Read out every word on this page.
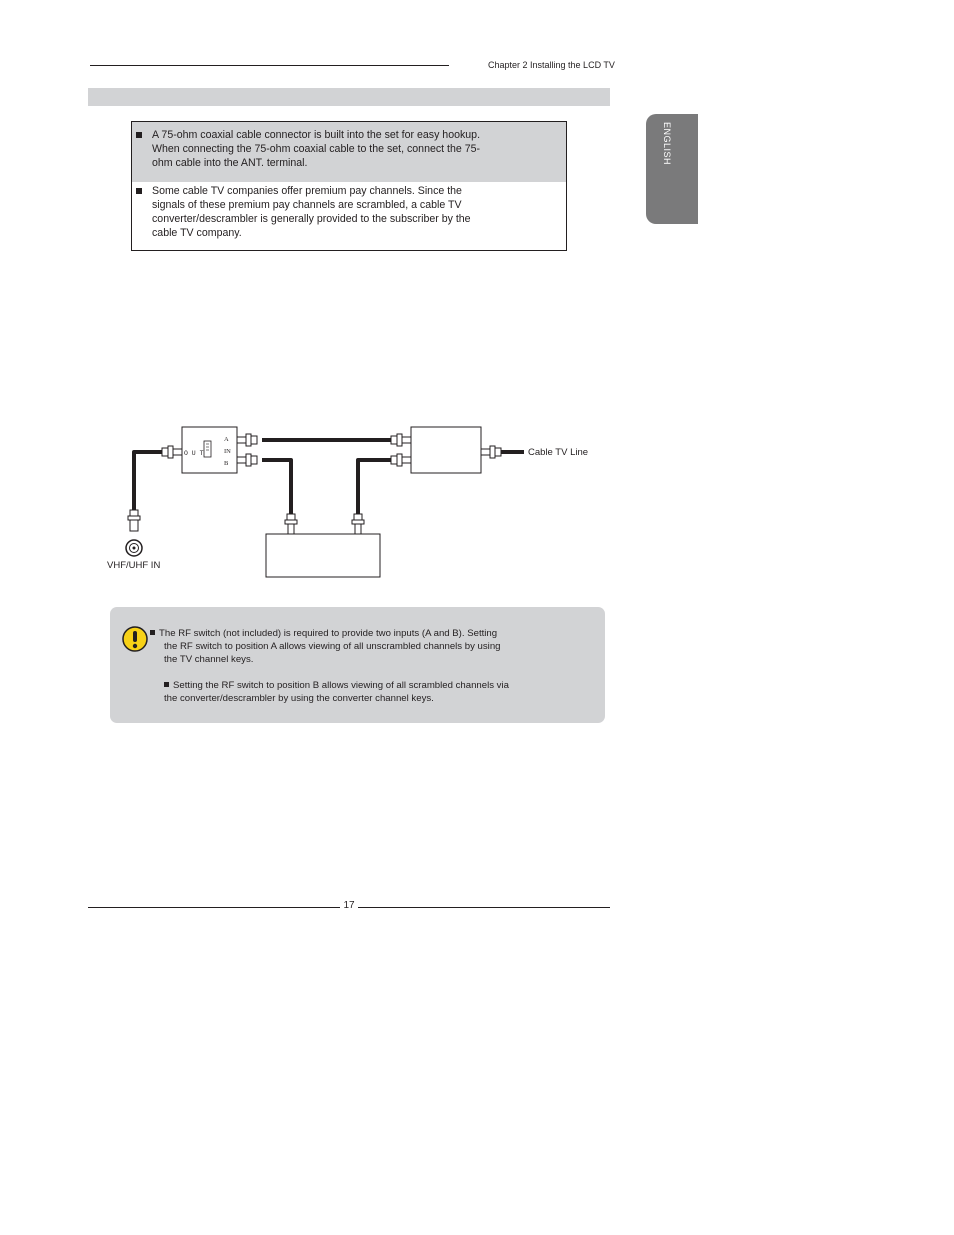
Chapter 2 Installing the LCD TV
ENGLISH
A 75-ohm coaxial cable connector is built into the set for easy hookup.
When connecting the 75-ohm coaxial cable to the set, connect the 75-
ohm cable into the ANT. terminal.
Some cable TV companies offer premium pay channels. Since the
signals of these premium pay channels are scrambled, a cable TV
converter/descrambler is generally provided to the subscriber by the
cable TV company.
O U T
A
IN
B
Cable TV Line
VHF/UHF IN
The RF switch (not included) is required to provide two inputs (A and B). Setting
the RF switch to position A allows viewing of all unscrambled channels by using
the TV channel keys.
Setting the RF switch to position B allows viewing of all scrambled channels via
the converter/descrambler by using the converter channel keys.
17
